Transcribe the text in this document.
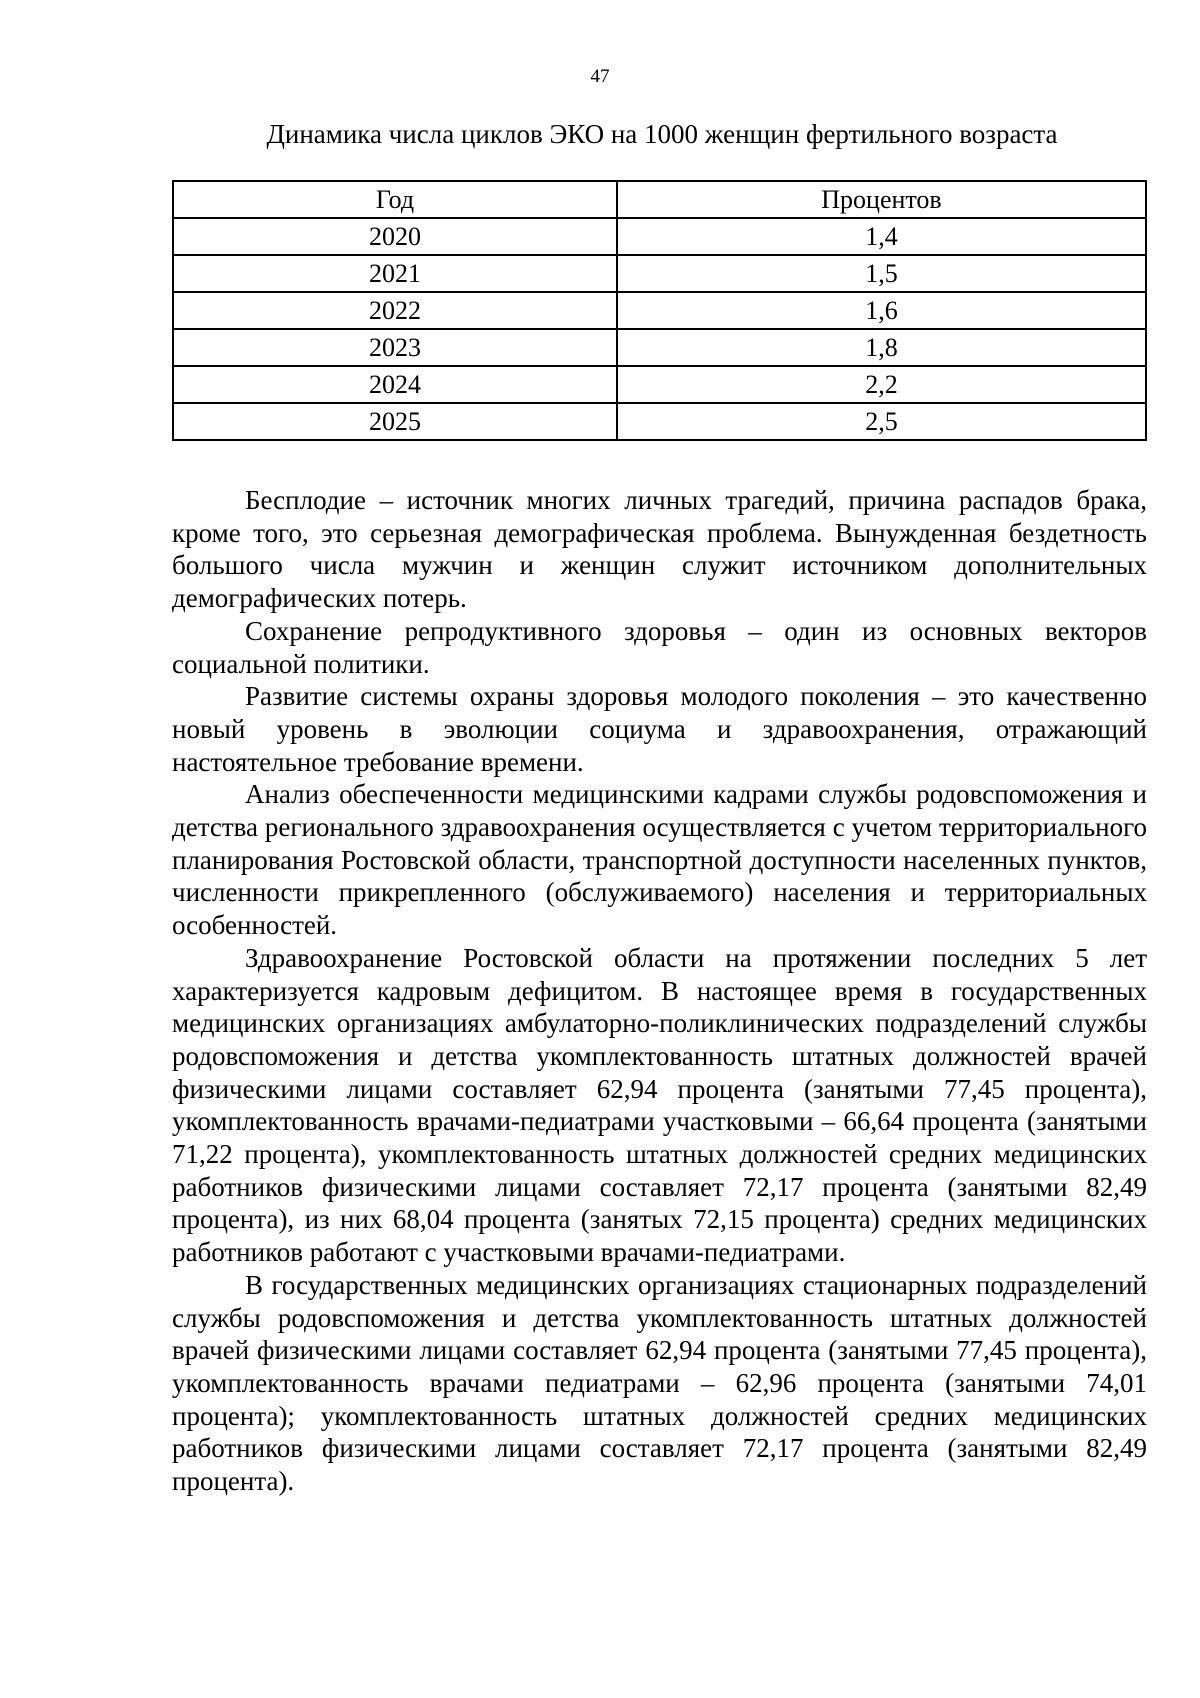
47
Динамика числа циклов ЭКО на 1000 женщин фертильного возраста
Год	Процентов
2020	1,4
2021	1,5
2022	1,6
2023	1,8
2024	2,2
2025	2,5

Бесплодие – источник многих личных трагедий, причина распадов брака, кроме того, это серьезная демографическая проблема. Вынужденная бездетность большого числа мужчин и женщин служит источником дополнительных демографических потерь.

Сохранение репродуктивного здоровья – один из основных векторов социальной политики.

Развитие системы охраны здоровья молодого поколения – это качественно новый уровень в эволюции социума и здравоохранения, отражающий настоятельное требование времени.

Анализ обеспеченности медицинскими кадрами службы родовспоможения и детства регионального здравоохранения осуществляется с учетом территориального планирования Ростовской области, транспортной доступности населенных пунктов, численности прикрепленного (обслуживаемого) населения и территориальных особенностей.

Здравоохранение Ростовской области на протяжении последних 5 лет характеризуется кадровым дефицитом. В настоящее время в государственных медицинских организациях амбулаторно-поликлинических подразделений службы родовспоможения и детства укомплектованность штатных должностей врачей физическими лицами составляет 62,94 процента (занятыми 77,45 процента), укомплектованность врачами-педиатрами участковыми – 66,64 процента (занятыми 71,22 процента), укомплектованность штатных должностей средних медицинских работников физическими лицами составляет 72,17 процента (занятыми 82,49 процента), из них 68,04 процента (занятых 72,15 процента) средних медицинских работников работают с участковыми врачами-педиатрами.

В государственных медицинских организациях стационарных подразделений службы родовспоможения и детства укомплектованность штатных должностей врачей физическими лицами составляет 62,94 процента (занятыми 77,45 процента), укомплектованность врачами педиатрами – 62,96 процента (занятыми 74,01 процента); укомплектованность штатных должностей средних медицинских работников физическими лицами составляет 72,17 процента (занятыми 82,49 процента).
